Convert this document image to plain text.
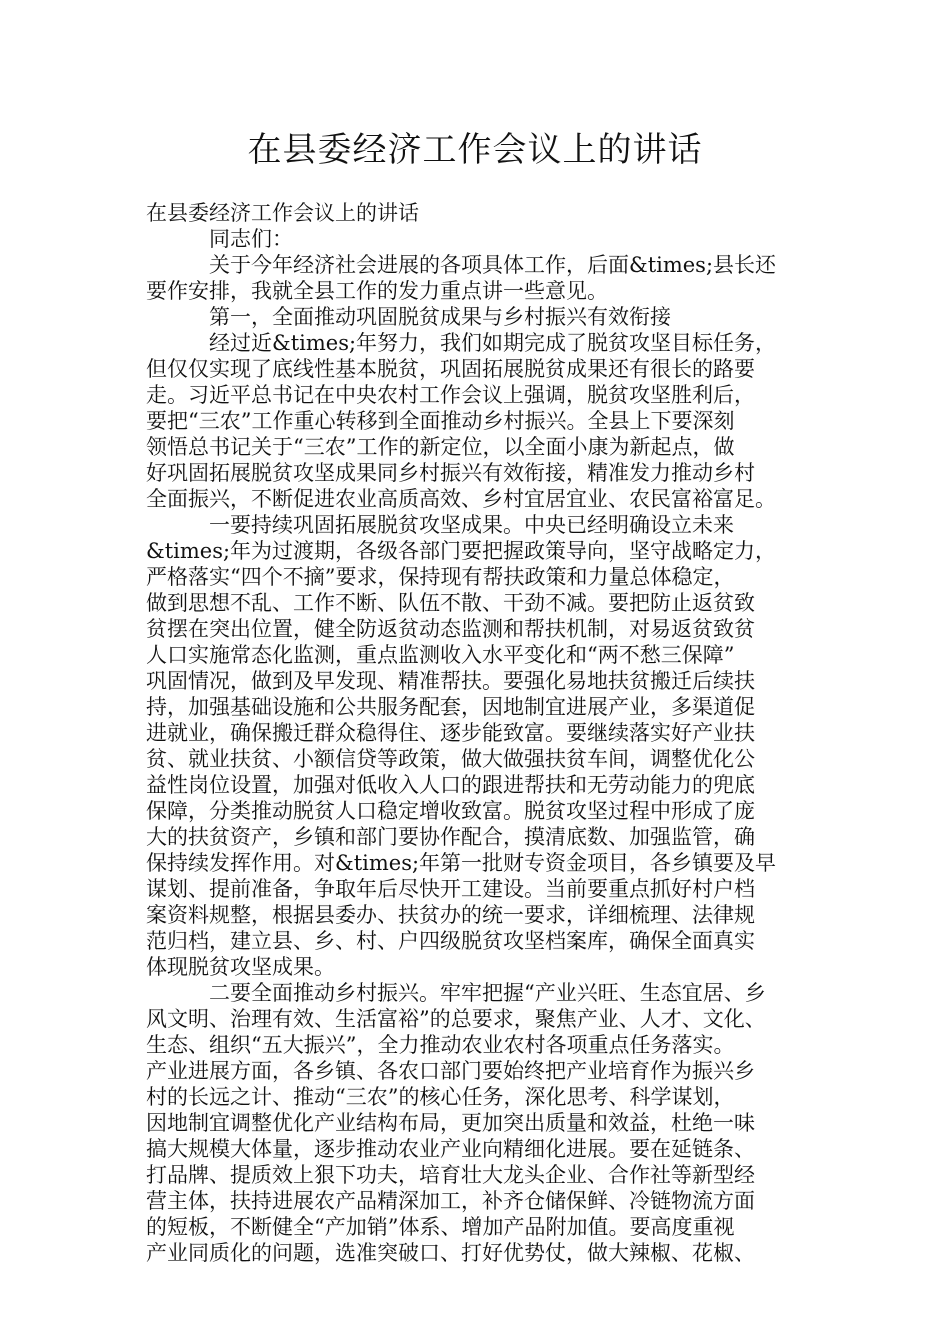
在县委经济工作会议上的讲话
在县委经济工作会议上的讲话
　　　同志们：
　　　关于今年经济社会进展的各项具体工作，后面&times;县长还
要作安排，我就全县工作的发力重点讲一些意见。
　　　第一，全面推动巩固脱贫成果与乡村振兴有效衔接
　　　经过近&times;年努力，我们如期完成了脱贫攻坚目标任务，
但仅仅实现了底线性基本脱贫，巩固拓展脱贫成果还有很长的路要
走。习近平总书记在中央农村工作会议上强调，脱贫攻坚胜利后，
要把“三农”工作重心转移到全面推动乡村振兴。全县上下要深刻
领悟总书记关于“三农”工作的新定位，以全面小康为新起点，做
好巩固拓展脱贫攻坚成果同乡村振兴有效衔接，精准发力推动乡村
全面振兴，不断促进农业高质高效、乡村宜居宜业、农民富裕富足。
　　　一要持续巩固拓展脱贫攻坚成果。中央已经明确设立未来
&times;年为过渡期，各级各部门要把握政策导向，坚守战略定力，
严格落实“四个不摘”要求，保持现有帮扶政策和力量总体稳定，
做到思想不乱、工作不断、队伍不散、干劲不减。要把防止返贫致
贫摆在突出位置，健全防返贫动态监测和帮扶机制，对易返贫致贫
人口实施常态化监测，重点监测收入水平变化和“两不愁三保障”
巩固情况，做到及早发现、精准帮扶。要强化易地扶贫搬迁后续扶
持，加强基础设施和公共服务配套，因地制宜进展产业，多渠道促
进就业，确保搬迁群众稳得住、逐步能致富。要继续落实好产业扶
贫、就业扶贫、小额信贷等政策，做大做强扶贫车间，调整优化公
益性岗位设置，加强对低收入人口的跟进帮扶和无劳动能力的兜底
保障，分类推动脱贫人口稳定增收致富。脱贫攻坚过程中形成了庞
大的扶贫资产，乡镇和部门要协作配合，摸清底数、加强监管，确
保持续发挥作用。对&times;年第一批财专资金项目，各乡镇要及早
谋划、提前准备，争取年后尽快开工建设。当前要重点抓好村户档
案资料规整，根据县委办、扶贫办的统一要求，详细梳理、法律规
范归档，建立县、乡、村、户四级脱贫攻坚档案库，确保全面真实
体现脱贫攻坚成果。
　　　二要全面推动乡村振兴。牢牢把握“产业兴旺、生态宜居、乡
风文明、治理有效、生活富裕”的总要求，聚焦产业、人才、文化、
生态、组织“五大振兴”，全力推动农业农村各项重点任务落实。
产业进展方面，各乡镇、各农口部门要始终把产业培育作为振兴乡
村的长远之计、推动“三农”的核心任务，深化思考、科学谋划，
因地制宜调整优化产业结构布局，更加突出质量和效益，杜绝一味
搞大规模大体量，逐步推动农业产业向精细化进展。要在延链条、
打品牌、提质效上狠下功夫，培育壮大龙头企业、合作社等新型经
营主体，扶持进展农产品精深加工，补齐仓储保鲜、冷链物流方面
的短板，不断健全“产加销”体系、增加产品附加值。要高度重视
产业同质化的问题，选准突破口、打好优势仗，做大辣椒、花椒、
